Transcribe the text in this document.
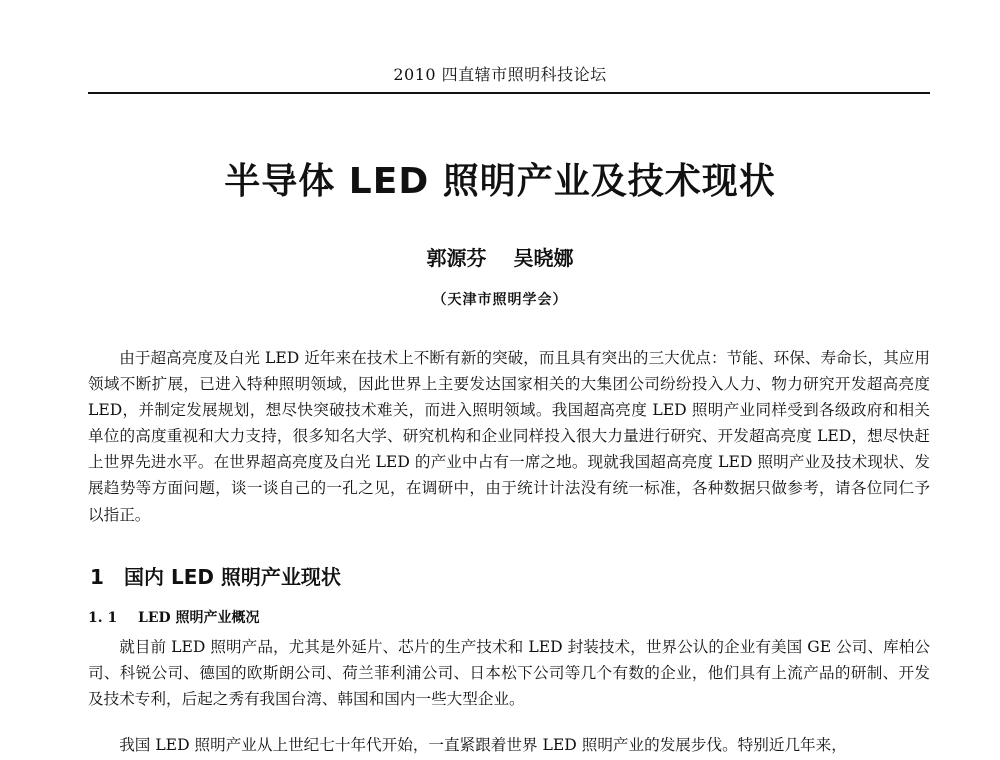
2010 四直辖市照明科技论坛
半导体 LED 照明产业及技术现状
郭源芬 吴晓娜
（天津市照明学会）

由于超高亮度及白光 LED 近年来在技术上不断有新的突破，而且具有突出的三大优点：节能、环保、寿命长，其应用领域不断扩展，已进入特种照明领域，因此世界上主要发达国家相关的大集团公司纷纷投入人力、物力研究开发超高亮度 LED，并制定发展规划，想尽快突破技术难关，而进入照明领域。我国超高亮度 LED 照明产业同样受到各级政府和相关单位的高度重视和大力支持，很多知名大学、研究机构和企业同样投入很大力量进行研究、开发超高亮度 LED，想尽快赶上世界先进水平。在世界超高亮度及白光 LED 的产业中占有一席之地。现就我国超高亮度 LED 照明产业及技术现状、发展趋势等方面问题，谈一谈自己的一孔之见，在调研中，由于统计计法没有统一标准，各种数据只做参考，请各位同仁予以指正。

1 国内 LED 照明产业现状
1. 1 LED 照明产业概况

就目前 LED 照明产品，尤其是外延片、芯片的生产技术和 LED 封装技术，世界公认的企业有美国 GE 公司、库柏公司、科锐公司、德国的欧斯朗公司、荷兰菲利浦公司、日本松下公司等几个有数的企业，他们具有上流产品的研制、开发及技术专利，后起之秀有我国台湾、韩国和国内一些大型企业。

我国 LED 照明产业从上世纪七十年代开始，一直紧跟着世界 LED 照明产业的发展步伐。特别近几年来，
